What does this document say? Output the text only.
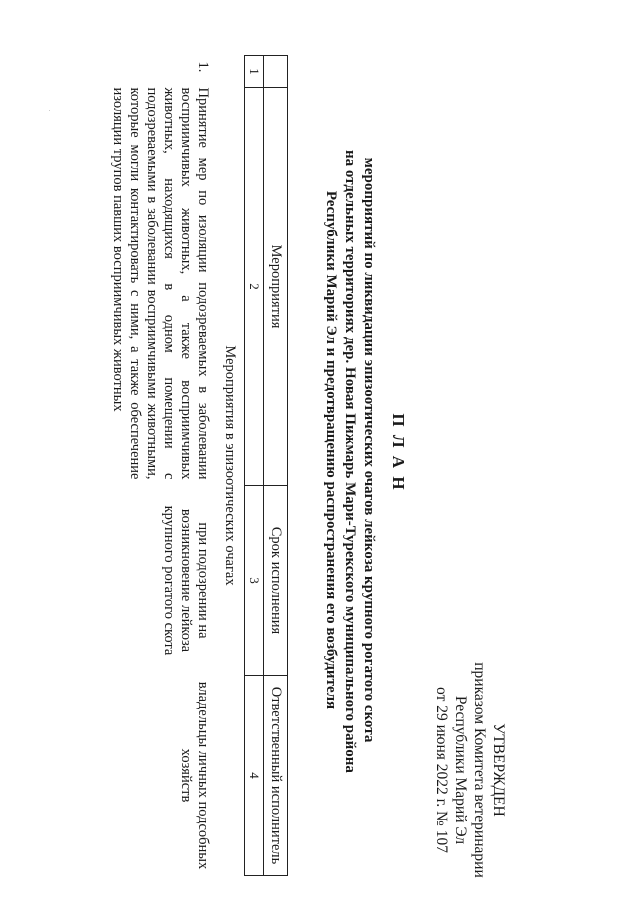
УТВЕРЖДЕН
приказом Комитета ветеринарии
Республики Марий Эл
от 29 июня 2022 г. № 107
П Л А Н
мероприятий по ликвидации эпизоотических очагов лейкоза крупного рогатого скота
на отдельных территориях дер. Новая Пижмарь Мари-Турекского муниципального района
Республики Марий Эл и предотвращению распространения его возбудителя
	Мероприятия	Срок исполнения	Ответственный исполнитель
1	2	3	4
Мероприятия в эпизоотических очагах			
1.	Принятие мер по изоляции подозреваемых в заболевании восприимчивых животных, а также восприимчивых животных, находящихся в одном помещении с подозреваемыми в заболевании восприимчивыми животными, которые могли контактировать с ними, а также обеспечение изоляции трупов павших восприимчивых животных	при подозрении на возникновение лейкоза крупного рогатого скота	владельцы личных подсобных хозяйств
